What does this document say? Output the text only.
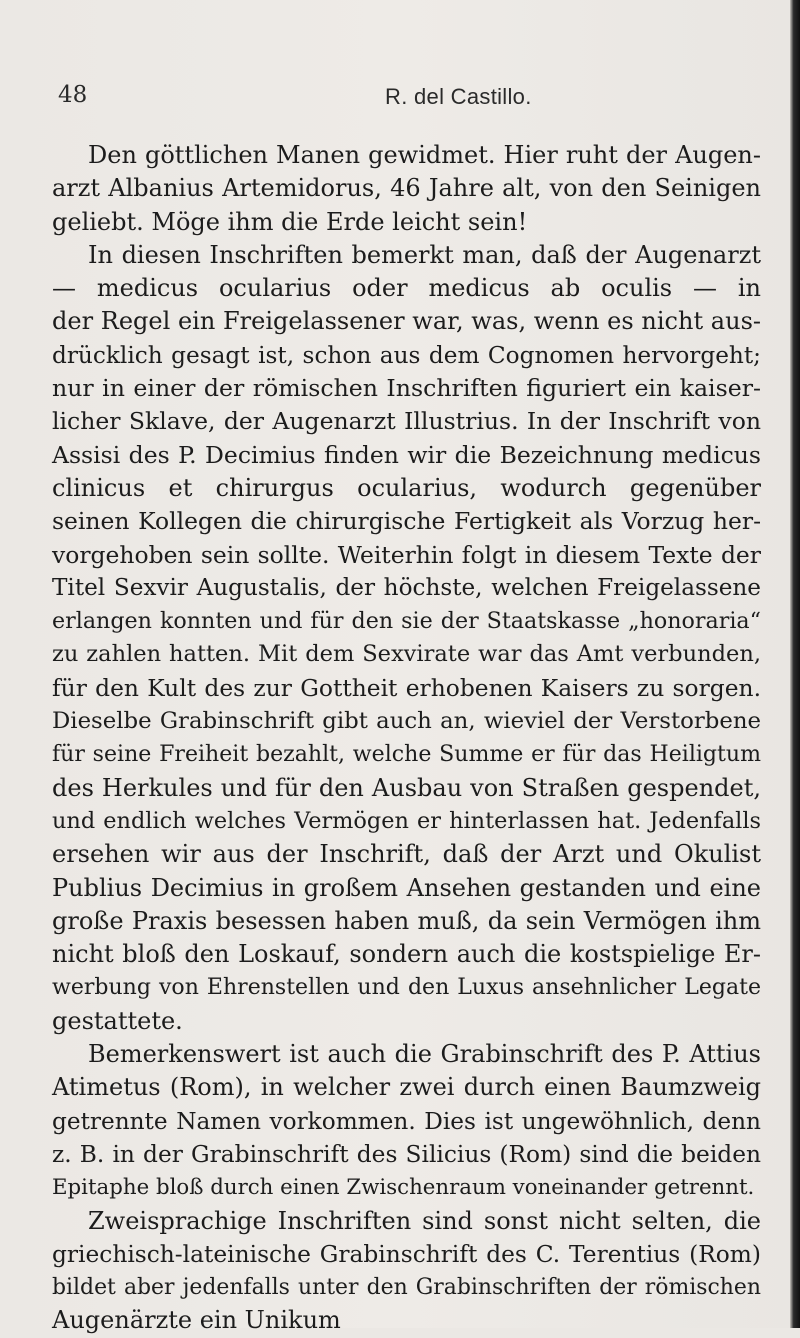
48	R. del Castillo.
Den göttlichen Manen gewidmet. Hier ruht der Augen-
arzt Albanius Artemidorus, 46 Jahre alt, von den Seinigen
geliebt. Möge ihm die Erde leicht sein!
In diesen Inschriften bemerkt man, daß der Augenarzt
— medicus ocularius oder medicus ab oculis — in
der Regel ein Freigelassener war, was, wenn es nicht aus-
drücklich gesagt ist, schon aus dem Cognomen hervorgeht;
nur in einer der römischen Inschriften figuriert ein kaiser-
licher Sklave, der Augenarzt Illustrius. In der Inschrift von
Assisi des P. Decimius finden wir die Bezeichnung medicus
clinicus et chirurgus ocularius, wodurch gegenüber
seinen Kollegen die chirurgische Fertigkeit als Vorzug her-
vorgehoben sein sollte. Weiterhin folgt in diesem Texte der
Titel Sexvir Augustalis, der höchste, welchen Freigelassene
erlangen konnten und für den sie der Staatskasse „honoraria“
zu zahlen hatten. Mit dem Sexvirate war das Amt verbunden,
für den Kult des zur Gottheit erhobenen Kaisers zu sorgen.
Dieselbe Grabinschrift gibt auch an, wieviel der Verstorbene
für seine Freiheit bezahlt, welche Summe er für das Heiligtum
des Herkules und für den Ausbau von Straßen gespendet,
und endlich welches Vermögen er hinterlassen hat. Jedenfalls
ersehen wir aus der Inschrift, daß der Arzt und Okulist
Publius Decimius in großem Ansehen gestanden und eine
große Praxis besessen haben muß, da sein Vermögen ihm
nicht bloß den Loskauf, sondern auch die kostspielige Er-
werbung von Ehrenstellen und den Luxus ansehnlicher Legate
gestattete.
Bemerkenswert ist auch die Grabinschrift des P. Attius
Atimetus (Rom), in welcher zwei durch einen Baumzweig
getrennte Namen vorkommen. Dies ist ungewöhnlich, denn
z. B. in der Grabinschrift des Silicius (Rom) sind die beiden
Epitaphe bloß durch einen Zwischenraum voneinander getrennt.
Zweisprachige Inschriften sind sonst nicht selten, die
griechisch-lateinische Grabinschrift des C. Terentius (Rom)
bildet aber jedenfalls unter den Grabinschriften der römischen
Augenärzte ein Unikum
